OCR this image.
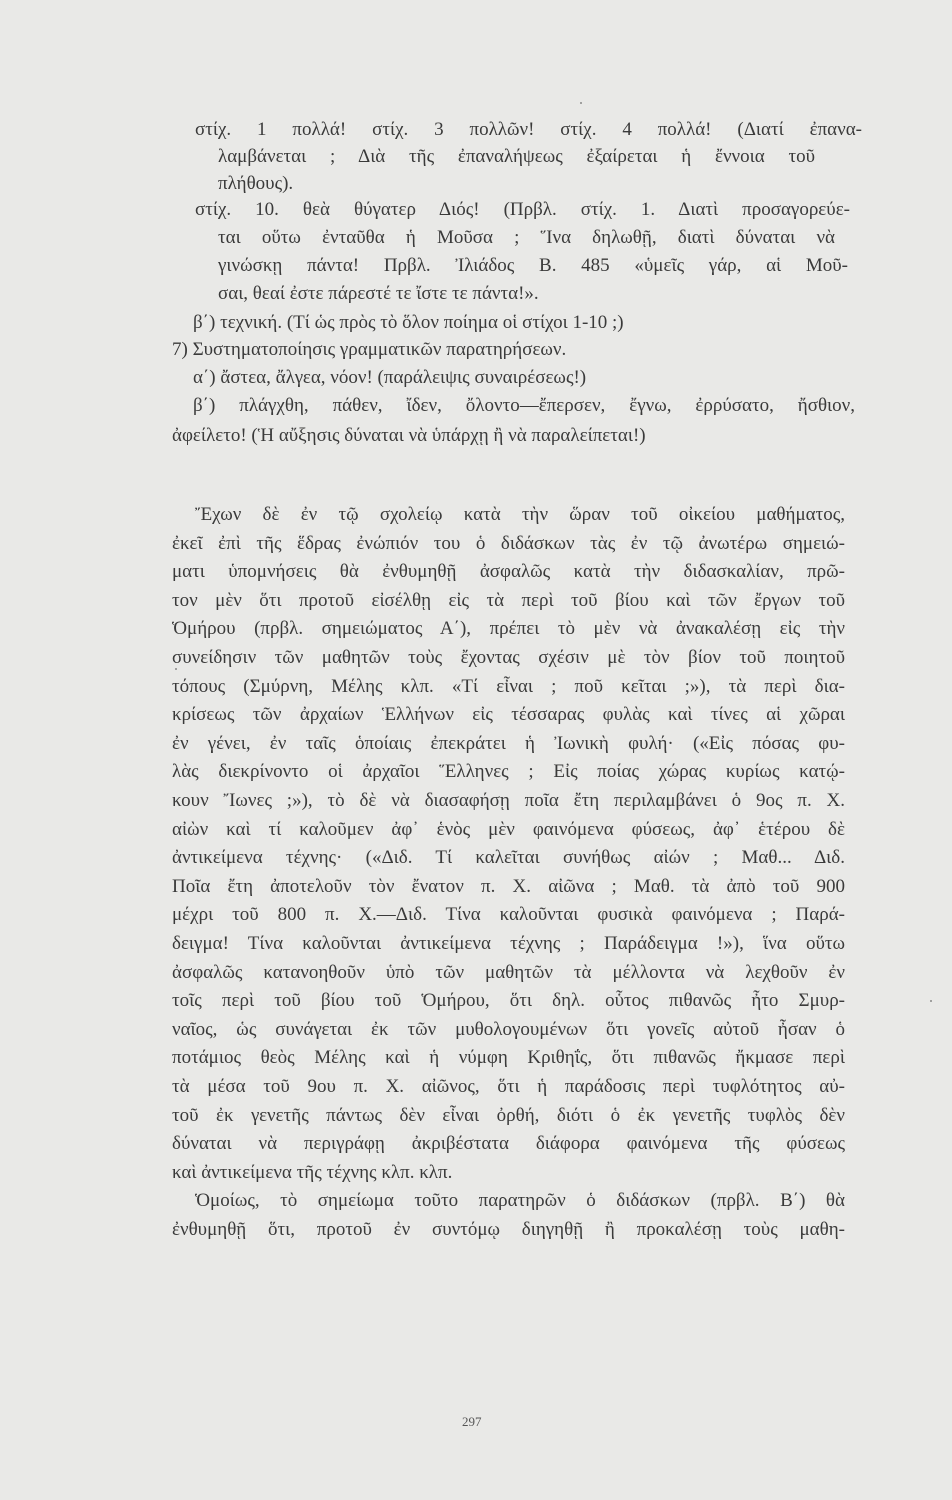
στίχ. 1 πολλά! στίχ. 3 πολλῶν! στίχ. 4 πολλά! (Διατί ἐπανα-
λαμβάνεται ; Διὰ τῆς ἐπαναλήψεως ἐξαίρεται ἡ ἔννοια τοῦ
πλήθους).
στίχ. 10. θεὰ θύγατερ Διός! (Πρβλ. στίχ. 1. Διατὶ προσαγορεύε-
ται οὕτω ἐνταῦθα ἡ Μοῦσα ; Ἵνα δηλωθῇ, διατὶ δύναται νὰ
γινώσκῃ πάντα! Πρβλ. Ἰλιάδος Β. 485 «ὑμεῖς γάρ, αἱ Μοῦ-
σαι, θεαί ἐστε πάρεστέ τε ἴστε τε πάντα!».
β΄) τεχνική. (Τί ὡς πρὸς τὸ ὅλον ποίημα οἱ στίχοι 1-10 ;)
7) Συστηματοποίησις γραμματικῶν παρατηρήσεων.
α΄) ἄστεα, ἄλγεα, νόον! (παράλειψις συναιρέσεως!)
β΄) πλάγχθη, πάθεν, ἴδεν, ὄλοντο—ἔπερσεν, ἔγνω, ἐρρύσατο, ἤσθιον,
ἀφείλετο! (Ἡ αὔξησις δύναται νὰ ὑπάρχῃ ἢ νὰ παραλείπεται!)
Ἔχων δὲ ἐν τῷ σχολείῳ κατὰ τὴν ὥραν τοῦ οἰκείου μαθήματος,
ἐκεῖ ἐπὶ τῆς ἕδρας ἐνώπιόν του ὁ διδάσκων τὰς ἐν τῷ ἀνωτέρω σημειώ-
ματι ὑπομνήσεις θὰ ἐνθυμηθῇ ἀσφαλῶς κατὰ τὴν διδασκαλίαν, πρῶ-
τον μὲν ὅτι προτοῦ εἰσέλθῃ εἰς τὰ περὶ τοῦ βίου καὶ τῶν ἔργων τοῦ
Ὁμήρου (πρβλ. σημειώματος Α΄), πρέπει τὸ μὲν νὰ ἀνακαλέσῃ εἰς τὴν
συνείδησιν τῶν μαθητῶν τοὺς ἔχοντας σχέσιν μὲ τὸν βίον τοῦ ποιητοῦ
τόπους (Σμύρνη, Μέλης κλπ. «Τί εἶναι ; ποῦ κεῖται ;»), τὰ περὶ δια-
κρίσεως τῶν ἀρχαίων Ἑλλήνων εἰς τέσσαρας φυλὰς καὶ τίνες αἱ χῶραι
ἐν γένει, ἐν ταῖς ὁποίαις ἐπεκράτει ἡ Ἰωνικὴ φυλή· («Εἰς πόσας φυ-
λὰς διεκρίνοντο οἱ ἀρχαῖοι Ἕλληνες ; Εἰς ποίας χώρας κυρίως κατῴ-
κουν Ἴωνες ;»), τὸ δὲ νὰ διασαφήσῃ ποῖα ἔτη περιλαμβάνει ὁ 9ος π. Χ.
αἰὼν καὶ τί καλοῦμεν ἀφ᾽ ἑνὸς μὲν φαινόμενα φύσεως, ἀφ᾽ ἑτέρου δὲ
ἀντικείμενα τέχνης· («Διδ. Τί καλεῖται συνήθως αἰών ; Μαθ... Διδ.
Ποῖα ἔτη ἀποτελοῦν τὸν ἔνατον π. Χ. αἰῶνα ; Μαθ. τὰ ἀπὸ τοῦ 900
μέχρι τοῦ 800 π. Χ.—Διδ. Τίνα καλοῦνται φυσικὰ φαινόμενα ; Παρά-
δειγμα! Τίνα καλοῦνται ἀντικείμενα τέχνης ; Παράδειγμα !»), ἵνα οὕτω
ἀσφαλῶς κατανοηθοῦν ὑπὸ τῶν μαθητῶν τὰ μέλλοντα νὰ λεχθοῦν ἐν
τοῖς περὶ τοῦ βίου τοῦ Ὁμήρου, ὅτι δηλ. οὗτος πιθανῶς ἦτο Σμυρ-
ναῖος, ὡς συνάγεται ἐκ τῶν μυθολογουμένων ὅτι γονεῖς αὐτοῦ ἦσαν ὁ
ποτάμιος θεὸς Μέλης καὶ ἡ νύμφη Κριθηΐς, ὅτι πιθανῶς ἤκμασε περὶ
τὰ μέσα τοῦ 9ου π. Χ. αἰῶνος, ὅτι ἡ παράδοσις περὶ τυφλότητος αὐ-
τοῦ ἐκ γενετῆς πάντως δὲν εἶναι ὀρθή, διότι ὁ ἐκ γενετῆς τυφλὸς δὲν
δύναται νὰ περιγράφῃ ἀκριβέστατα διάφορα φαινόμενα τῆς φύσεως
καὶ ἀντικείμενα τῆς τέχνης κλπ. κλπ.
Ὁμοίως, τὸ σημείωμα τοῦτο παρατηρῶν ὁ διδάσκων (πρβλ. Β΄) θὰ
ἐνθυμηθῇ ὅτι, προτοῦ ἐν συντόμῳ διηγηθῇ ἢ προκαλέσῃ τοὺς μαθη-
297
